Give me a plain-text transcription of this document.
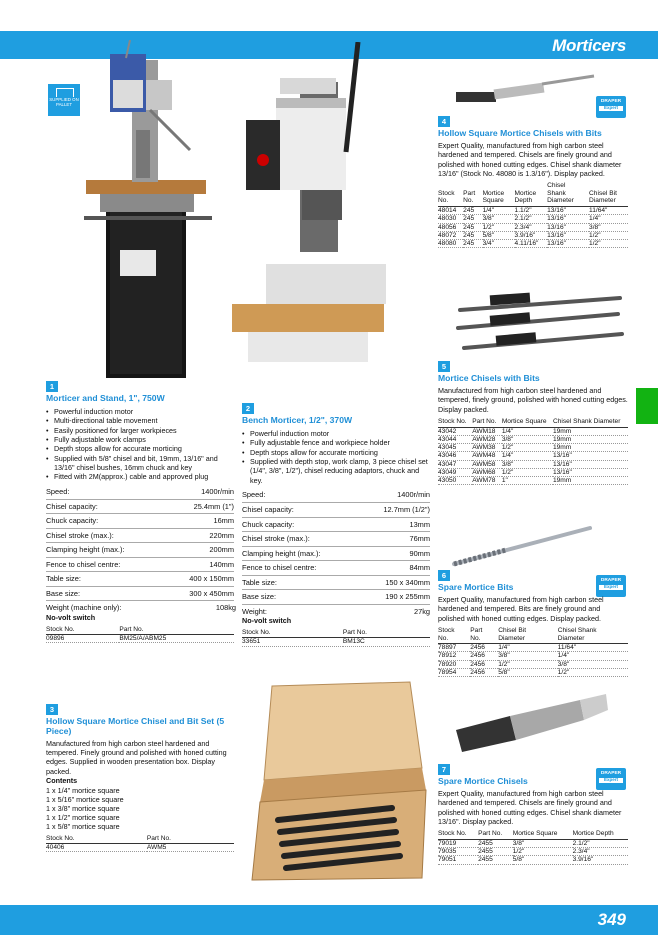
Morticers
349
SUPPLIED ON PALLET
1
Morticer and Stand, 1", 750W
• Powerful induction motor
• Multi-directional table movement
• Easily positioned for larger workpieces
• Fully adjustable work clamps
• Depth stops allow for accurate morticing
• Supplied with 5/8" chisel and bit, 19mm, 13/16" and 13/16" chisel bushes, 16mm chuck and key
• Fitted with 2M(approx.) cable and approved plug
Speed:	1400r/min
Chisel capacity:	25.4mm (1")
Chuck capacity:	16mm
Chisel stroke (max.):	220mm
Clamping height (max.):	200mm
Fence to chisel centre:	140mm
Table size:	400 x 150mm
Base size:	300 x 450mm
Weight (machine only):	108kg
No-volt switch
Stock No.	Part No.
09896	BM25/A/ABM25
2
Bench Morticer, 1/2", 370W
• Powerful induction motor
• Fully adjustable fence and workpiece holder
• Depth stops allow for accurate morticing
• Supplied with depth stop, work clamp, 3 piece chisel set (1/4", 3/8", 1/2"), chisel reducing adaptors, chuck and key.
Speed:	1400r/min
Chisel capacity:	12.7mm (1/2")
Chuck capacity:	13mm
Chisel stroke (max.):	76mm
Clamping height (max.):	90mm
Fence to chisel centre:	84mm
Table size:	150 x 340mm
Base size:	190 x 255mm
Weight:	27kg
No-volt switch
Stock No.	Part No.
33651	BM13C
3
Hollow Square Mortice Chisel and Bit Set (5 Piece)
Manufactured from high carbon steel hardened and tempered. Finely ground and polished with honed cutting edges. Supplied in wooden presentation box. Display packed.
Contents
1 x 1/4" mortice square
1 x 5/16" mortice square
1 x 3/8" mortice square
1 x 1/2" mortice square
1 x 5/8" mortice square
Stock No.	Part No.
40406	AWM5
DRAPER
Expert
4
Hollow Square Mortice Chisels with Bits
Expert Quality, manufactured from high carbon steel hardened and tempered. Chisels are finely ground and polished with honed cutting edges. Chisel shank diameter 13/16" (Stock No. 48080 is 1.3/16"). Display packed.
Stock No.	Part No.	Mortice Square	Mortice Depth	Chisel Shank Diameter	Chisel Bit Diameter
48014	245	1/4"	1.1/2"	13/16"	11/64"
48030	245	3/8"	2.1/2"	13/16"	1/4"
48056	245	1/2"	2.3/4"	13/16"	3/8"
48072	245	5/8"	3.9/16"	13/16"	1/2"
48080	245	3/4"	4.11/16"	13/16"	1/2"
5
Mortice Chisels with Bits
Manufactured from high carbon steel hardened and tempered, finely ground, polished with honed cutting edges. Display packed.
Stock No.	Part No.	Mortice Square	Chisel Shank Diameter
43042	AWM18	1/4"	19mm
43044	AWM28	3/8"	19mm
43045	AWM38	1/2"	19mm
43046	AWM48	1/4"	13/16"
43047	AWM58	3/8"	13/16"
43049	AWM68	1/2"	13/16"
43050	AWM78	1"	19mm
DRAPER
Expert
6
Spare Mortice Bits
Expert Quality, manufactured from high carbon steel hardened and tempered. Bits are finely ground and polished with honed cutting edges. Display packed.
Stock No.	Part No.	Chisel Bit Diameter	Chisel Shank Diameter
78897	2456	1/4"	11/64"
78912	2456	3/8"	1/4"
78920	2456	1/2"	3/8"
78954	2456	5/8"	1/2"
DRAPER
Expert
7
Spare Mortice Chisels
Expert Quality, manufactured from high carbon steel hardened and tempered. Chisels are finely ground and polished with honed cutting edges. Chisel shank diameter 13/16". Display packed.
Stock No.	Part No.	Mortice Square	Mortice Depth
79019	2455	3/8"	2.1/2"
79035	2455	1/2"	2.3/4"
79051	2455	5/8"	3.9/16"
